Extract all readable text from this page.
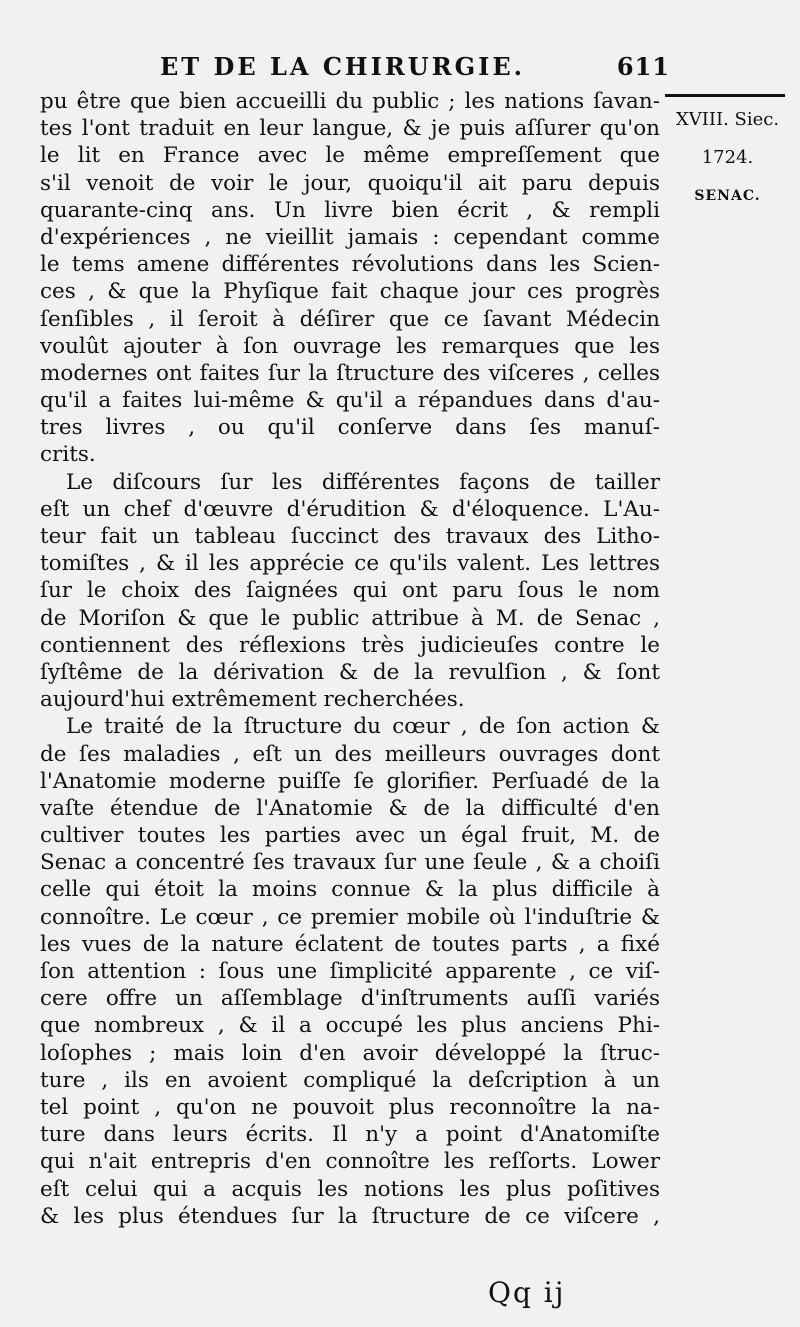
ET DE LA CHIRURGIE.	611
XVIII. Siec.
1724.
SENAC.
pu être que bien accueilli du public ; les nations ſavan-
tes l'ont traduit en leur langue, & je puis aſſurer qu'on
le lit en France avec le même empreſſement que
s'il venoit de voir le jour, quoiqu'il ait paru depuis
quarante-cinq ans. Un livre bien écrit , & rempli
d'expériences , ne vieillit jamais : cependant comme
le tems amene différentes révolutions dans les Scien-
ces , & que la Phyſique fait chaque jour ces progrès
ſenſibles , il ſeroit à déſirer que ce ſavant Médecin
voulût ajouter à ſon ouvrage les remarques que les
modernes ont faites ſur la ſtructure des viſceres , celles
qu'il a faites lui-même & qu'il a répandues dans d'au-
tres livres , ou qu'il conſerve dans ſes manuſ-
crits.
Le diſcours ſur les différentes façons de tailler
eſt un chef d'œuvre d'érudition & d'éloquence. L'Au-
teur fait un tableau ſuccinct des travaux des Litho-
tomiſtes , & il les apprécie ce qu'ils valent. Les lettres
ſur le choix des ſaignées qui ont paru ſous le nom
de Moriſon & que le public attribue à M. de Senac ,
contiennent des réflexions très judicieuſes contre le
ſyſtême de la dérivation & de la revulſion , & ſont
aujourd'hui extrêmement recherchées.
Le traité de la ſtructure du cœur , de ſon action &
de ſes maladies , eſt un des meilleurs ouvrages dont
l'Anatomie moderne puiſſe ſe glorifier. Perſuadé de la
vaſte étendue de l'Anatomie & de la difficulté d'en
cultiver toutes les parties avec un égal fruit, M. de
Senac a concentré ſes travaux ſur une ſeule , & a choiſi
celle qui étoit la moins connue & la plus difficile à
connoître. Le cœur , ce premier mobile où l'induſtrie &
les vues de la nature éclatent de toutes parts , a fixé
ſon attention : ſous une ſimplicité apparente , ce viſ-
cere offre un aſſemblage d'inſtruments auſſi variés
que nombreux , & il a occupé les plus anciens Phi-
loſophes ; mais loin d'en avoir développé la ſtruc-
ture , ils en avoient compliqué la deſcription à un
tel point , qu'on ne pouvoit plus reconnoître la na-
ture dans leurs écrits. Il n'y a point d'Anatomiſte
qui n'ait entrepris d'en connoître les reſſorts. Lower
eſt celui qui a acquis les notions les plus poſitives
& les plus étendues ſur la ſtructure de ce viſcere ,
Qq ij
